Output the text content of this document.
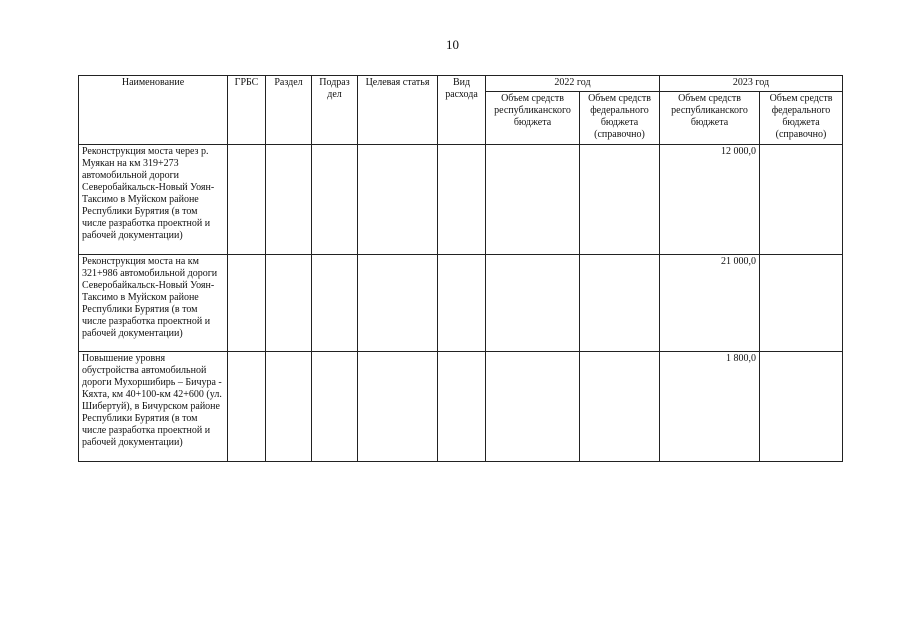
10
Наименование	ГРБС	Раздел	Подраз дел	Целевая статья	Вид расхода	2022 год		2023 год	
						Объем средств республиканского бюджета	Объем средств федерального бюджета (справочно)	Объем средств республиканского бюджета	Объем средств федерального бюджета (справочно)
Реконструкция моста через р. Муякан на км 319+273 автомобильной дороги Северобайкальск-Новый Уоян-Таксимо в Муйском районе Республики Бурятия (в том числе разработка проектной и рабочей документации)								12 000,0	
Реконструкция моста на км 321+986 автомобильной дороги Северобайкальск-Новый Уоян-Таксимо в Муйском районе Республики Бурятия (в том числе разработка проектной и рабочей документации)								21 000,0	
Повышение уровня обустройства автомобильной дороги Мухоршибирь – Бичура - Кяхта, км 40+100-км 42+600 (ул. Шибертуй), в Бичурском районе Республики Бурятия (в том числе разработка проектной и рабочей документации)								1 800,0	
